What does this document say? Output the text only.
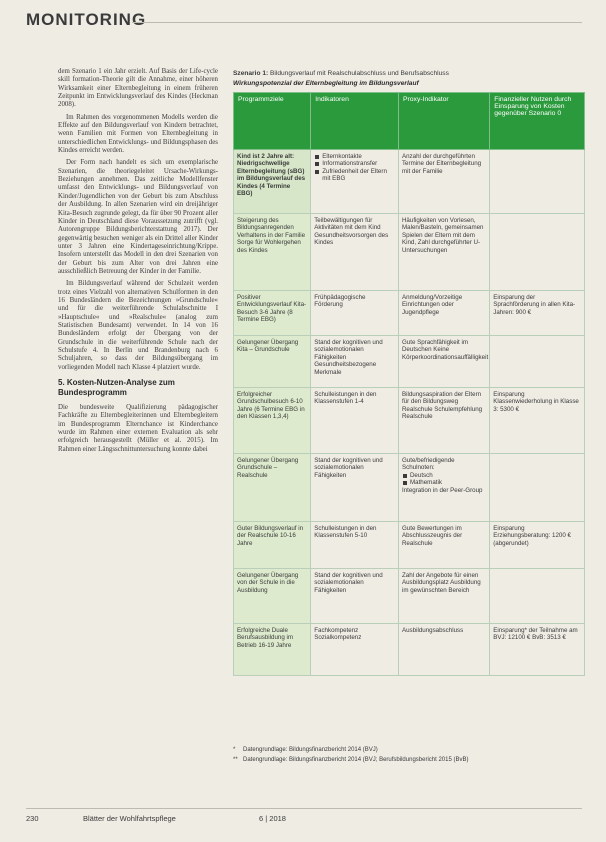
MONITORING

dem Szenario 1 ein Jahr erzielt. Auf Basis der Life-cycle skill formation-Theorie gilt die Annahme, einer höheren Wirksamkeit einer Elternbegleitung in einem früheren Zeitpunkt im Entwicklungsverlauf des Kindes (Heckman 2008).

Im Rahmen des vorgenommenen Modells werden die Effekte auf den Bildungsverlauf von Kindern betrachtet, wenn Familien mit Formen von Elternbegleitung in unterschiedlichen Entwicklungs- und Bildungsphasen des Kindes erreicht werden.

Der Form nach handelt es sich um exemplarische Szenarien, die theoriegeleitet Ursache-Wirkungs-Beziehungen annehmen. Das zeitliche Modellfenster umfasst den Entwicklungs- und Bildungsverlauf von Kinder/Jugendlichen von der Geburt bis zum Abschluss der Ausbildung. In allen Szenarien wird ein dreijähriger Kita-Besuch zugrunde gelegt, da für über 90 Prozent aller Kinder in Deutschland diese Voraussetzung zutrifft (vgl. Autorengruppe Bildungsberichterstattung 2017). Der gegenwärtig besuchen weniger als ein Drittel aller Kinder unter 3 Jahren eine Kindertageseinrichtung/Krippe. Insofern unterstellt das Modell in den drei Szenarien von der Geburt bis zum Alter von drei Jahren eine ausschließlich Betreuung der Kinder in der Familie.

Im Bildungsverlauf während der Schulzeit werden trotz eines Vielzahl von alternativen Schulformen in den 16 Bundesländern die Bezeichnungen »Grundschule« und für die weiterführende Schulabschnitte I »Hauptschule« und »Realschule« (analog zum Statistischen Bundesamt) verwendet. In 14 von 16 Bundesländern erfolgt der Übergang von der Grundschule in die weiterführende Schule nach der Schulstufe 4. In Berlin und Brandenburg nach 6 Schuljahren, so dass der Bildungsübergang im vorliegenden Modell nach Klasse 4 platziert wurde.

5. Kosten-Nutzen-Analyse zum Bundesprogramm

Die bundesweite Qualifizierung pädagogischer Fachkräfte zu Elternbegleiterinnen und Elternbegleitern im Bundesprogramm Elternchance ist Kinderchance wurde im Rahmen einer externen Evaluation als sehr erfolgreich herausgestellt (Müller et al. 2015). Im Rahmen einer Längsschnittuntersuchung konnte dabei

Szenario 1: Bildungsverlauf mit Realschulabschluss und Berufsabschluss

Wirkungspotenzial der Elternbegleitung im Bildungsverlauf

Programmziele	Indikatoren	Proxy-Indikator	Finanzieller Nutzen durch Einsparung von Kosten gegenüber Szenario 0
Kind ist 2 Jahre alt: Niedrigschwellige Elternbegleitung (sBG) im Bildungsverlauf des Kindes (4 Termine EBG)	Elternkontakte
Informationstransfer
Zufriedenheit der Eltern mit EBG	Anzahl der durchgeführten Termine der Elternbegleitung mit der Familie	
Steigerung des Bildungsanregenden Verhaltens in der Familie Sorge für Wohlergehen des Kindes	Teilbewältigungen für Aktivitäten mit dem Kind Gesundheitsvorsorgen des Kindes	Häufigkeiten von Vorlesen, Malen/Basteln, gemeinsamen Spielen der Eltern mit dem Kind, Zahl durchgeführter U-Untersuchungen	
Positiver Entwicklungsverlauf Kita-Besuch 3-6 Jahre (8 Termine EBG)	Frühpädagogische Förderung	Anmeldung/Vorzeitige Einrichtungen oder Jugendpflege	Einsparung der Sprachförderung in allen Kita-Jahren: 900 €
Gelungener Übergang Kita – Grundschule	Stand der kognitiven und sozialemotionalen Fähigkeiten Gesundheitsbezogene Merkmale	Gute Sprachfähigkeit im Deutschen Keine Körperkoordinationsauffälligkeit	
Erfolgreicher Grundschulbesuch 6-10 Jahre (6 Termine EBG in den Klassen 1,3,4)	Schulleistungen in den Klassenstufen 1-4	Bildungsaspiration der Eltern für den Bildungsweg Realschule Schulempfehlung Realschule	Einsparung Klassenwiederholung in Klasse 3: 5300 €
Gelungener Übergang Grundschule – Realschule	Stand der kognitiven und sozialemotionalen Fähigkeiten	Gute/befriedigende Schulnoten:
Deutsch
Mathematik
Integration in der Peer-Group	
Guter Bildungsverlauf in der Realschule 10-16 Jahre	Schulleistungen in den Klassenstufen 5-10	Gute Bewertungen im Abschlusszeugnis der Realschule	Einsparung Erziehungsberatung: 1200 € (abgerundet)
Gelungener Übergang von der Schule in die Ausbildung	Stand der kognitiven und sozialemotionalen Fähigkeiten	Zahl der Angebote für einen Ausbildungsplatz Ausbildung im gewünschten Bereich	
Erfolgreiche Duale Berufsausbildung im Betrieb 16-19 Jahre	Fachkompetenz Sozialkompetenz	Ausbildungsabschluss	Einsparung* der Teilnahme am BVJ: 12100 € BvB: 3513 €
* Datengrundlage: Bildungsfinanzbericht 2014 (BVJ)
** Datengrundlage: Bildungsfinanzbericht 2014 (BVJ; Berufsbildungsbericht 2015 (BvB)
230	Blätter der Wohlfahrtspflege	6 | 2018
